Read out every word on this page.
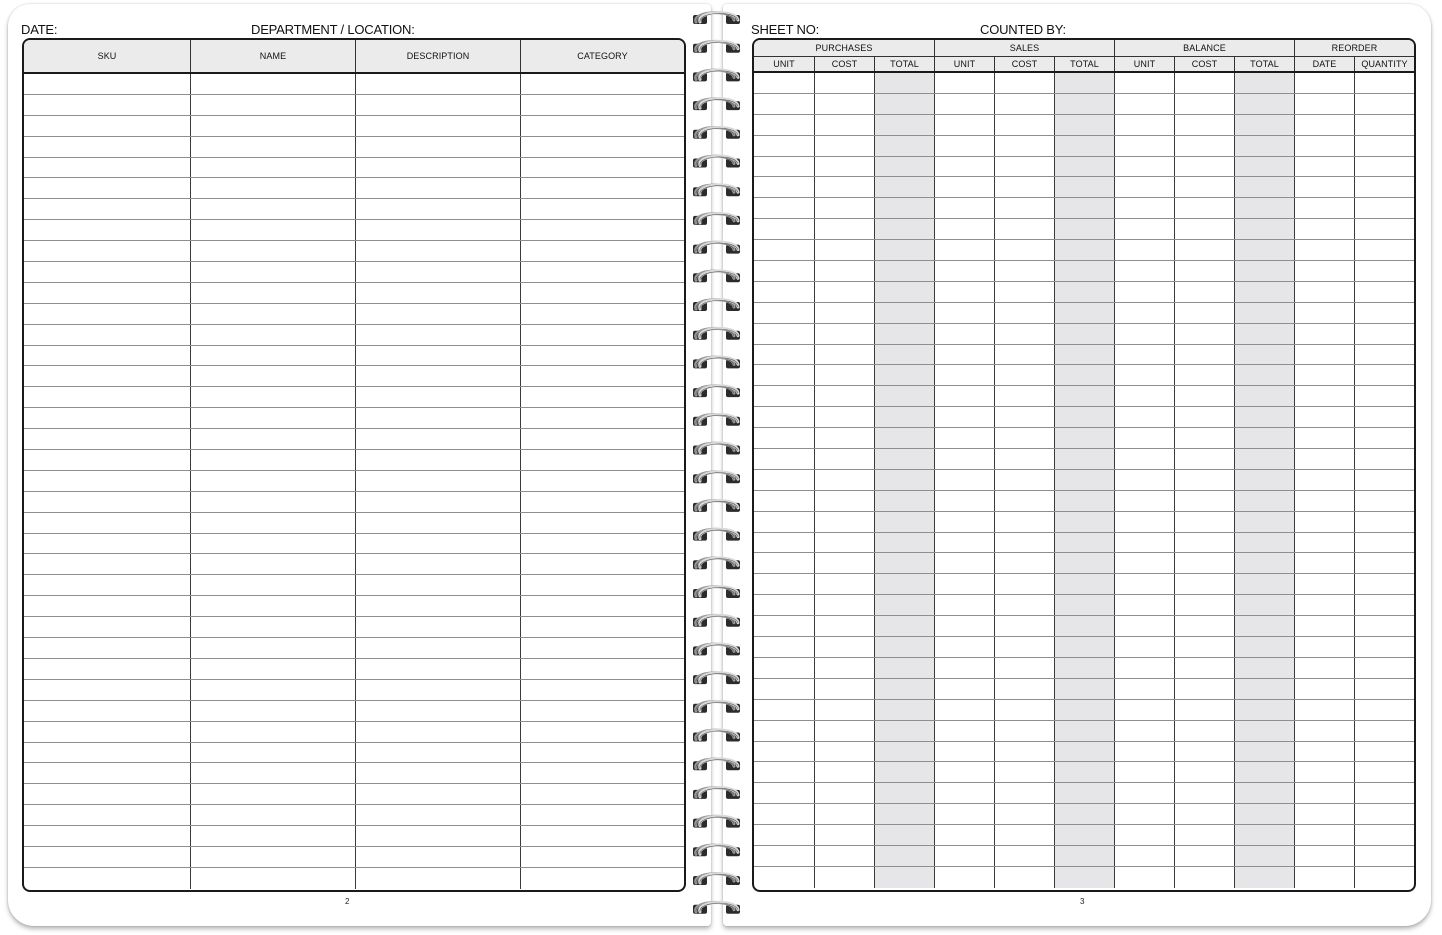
DATE:	DEPARTMENT / LOCATION:
SKU	NAME	DESCRIPTION	CATEGORY
2
SHEET NO:	COUNTED BY:
PURCHASES	SALES	BALANCE	REORDER
UNIT	COST	TOTAL	UNIT	COST	TOTAL	UNIT	COST	TOTAL	DATE	QUANTITY
3
